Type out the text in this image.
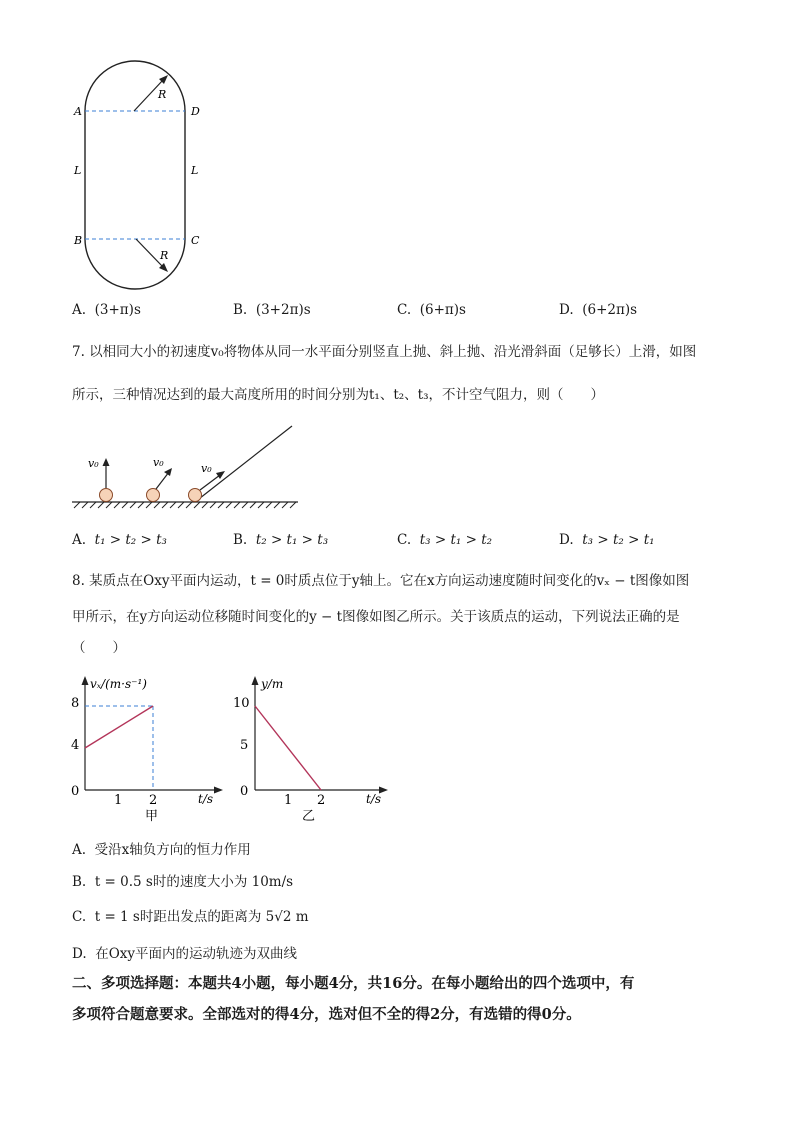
A	D
B	C
L	L
R
R
A. (3+π)s	B. (3+2π)s	C. (6+π)s	D. (6+2π)s
7. 以相同大小的初速度v₀将物体从同一水平面分别竖直上抛、斜上抛、沿光滑斜面（足够长）上滑，如图
所示，三种情况达到的最大高度所用的时间分别为t₁、t₂、t₃，不计空气阻力，则（　　）
v₀	v₀	v₀
A. t₁ > t₂ > t₃	B. t₂ > t₁ > t₃	C. t₃ > t₁ > t₂	D. t₃ > t₂ > t₁
8. 某质点在Oxy平面内运动，t = 0时质点位于y轴上。它在x方向运动速度随时间变化的vₓ − t图像如图
甲所示，在y方向运动位移随时间变化的y − t图像如图乙所示。关于该质点的运动，下列说法正确的是
（　　）
vₓ/(m·s⁻¹)
t/s
8
4
0
1 2
甲
y/m
t/s
10
5
0
1 2
乙
A. 受沿x轴负方向的恒力作用
B. t = 0.5 s时的速度大小为 10m/s
C. t = 1 s时距出发点的距离为 5√2 m
D. 在Oxy平面内的运动轨迹为双曲线
二、多项选择题：本题共4小题，每小题4分，共16分。在每小题给出的四个选项中，有
多项符合题意要求。全部选对的得4分，选对但不全的得2分，有选错的得0分。
